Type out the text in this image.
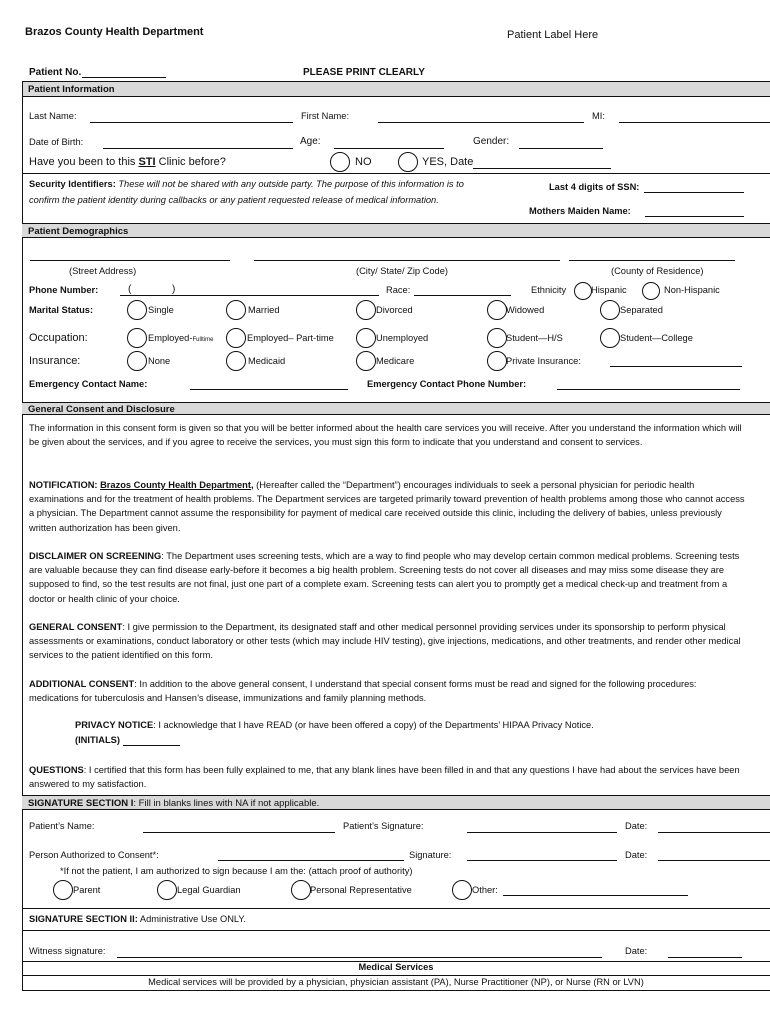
Brazos County Health Department	Patient Label Here
Patient No.	PLEASE PRINT CLEARLY
Patient Information
Last Name:	First Name:	MI:
Date of Birth:	Age:	Gender:
Have you been to this STI Clinic before?	NO	YES, Date
Security Identifiers: These will not be shared with any outside party. The purpose of this information is to
confirm the patient identity during callbacks or any patient requested release of medical information.
Last 4 digits of SSN:
Mothers Maiden Name:
Patient Demographics
(Street Address)	(City/ State/ Zip Code)	(County of Residence)
Phone Number:	(	)	Race:	Ethnicity	Hispanic	Non-Hispanic
Marital Status:	Single	Married	Divorced	Widowed	Separated
Occupation:	Employed-Fulltime	Employed– Part-time	Unemployed	Student—H/S	Student—College
Insurance:	None	Medicaid	Medicare	Private Insurance:
Emergency Contact Name:	Emergency Contact Phone Number:
General Consent and Disclosure
The information in this consent form is given so that you will be better informed about the health care services you will receive. After you understand the information which will be given about the services, and if you agree to receive the services, you must sign this form to indicate that you understand and consent to services.
NOTIFICATION: Brazos County Health Department, (Hereafter called the “Department”) encourages individuals to seek a personal physician for periodic health examinations and for the treatment of health problems. The Department services are targeted primarily toward prevention of health problems among those who cannot access a physician. The Department cannot assume the responsibility for payment of medical care received outside this clinic, including the delivery of babies, unless previously written authorization has been given.
DISCLAIMER ON SCREENING: The Department uses screening tests, which are a way to find people who may develop certain common medical problems. Screening tests are valuable because they can find disease early-before it becomes a big health problem. Screening tests do not cover all diseases and may miss some disease they are supposed to find, so the test results are not final, just one part of a complete exam. Screening tests can alert you to promptly get a medical check-up and treatment from a doctor or health clinic of your choice.
GENERAL CONSENT: I give permission to the Department, its designated staff and other medical personnel providing services under its sponsorship to perform physical assessments or examinations, conduct laboratory or other tests (which may include HIV testing), give injections, medications, and other treatments, and render other medical services to the patient identified on this form.
ADDITIONAL CONSENT: In addition to the above general consent, I understand that special consent forms must be read and signed for the following procedures: medications for tuberculosis and Hansen’s disease, immunizations and family planning methods.
PRIVACY NOTICE: I acknowledge that I have READ (or have been offered a copy) of the Departments’ HIPAA Privacy Notice.
(INITIALS)
QUESTIONS: I certified that this form has been fully explained to me, that any blank lines have been filled in and that any questions I have had about the services have been answered to my satisfaction.
SIGNATURE SECTION I: Fill in blanks lines with NA if not applicable.
Patient’s Name:	Patient’s Signature:	Date:
Person Authorized to Consent*:	Signature:	Date:
*If not the patient, I am authorized to sign because I am the: (attach proof of authority)
Parent	Legal Guardian	Personal Representative	Other:
SIGNATURE SECTION II: Administrative Use ONLY.
Witness signature:	Date:
Medical Services
Medical services will be provided by a physician, physician assistant (PA), Nurse Practitioner (NP), or Nurse (RN or LVN)
